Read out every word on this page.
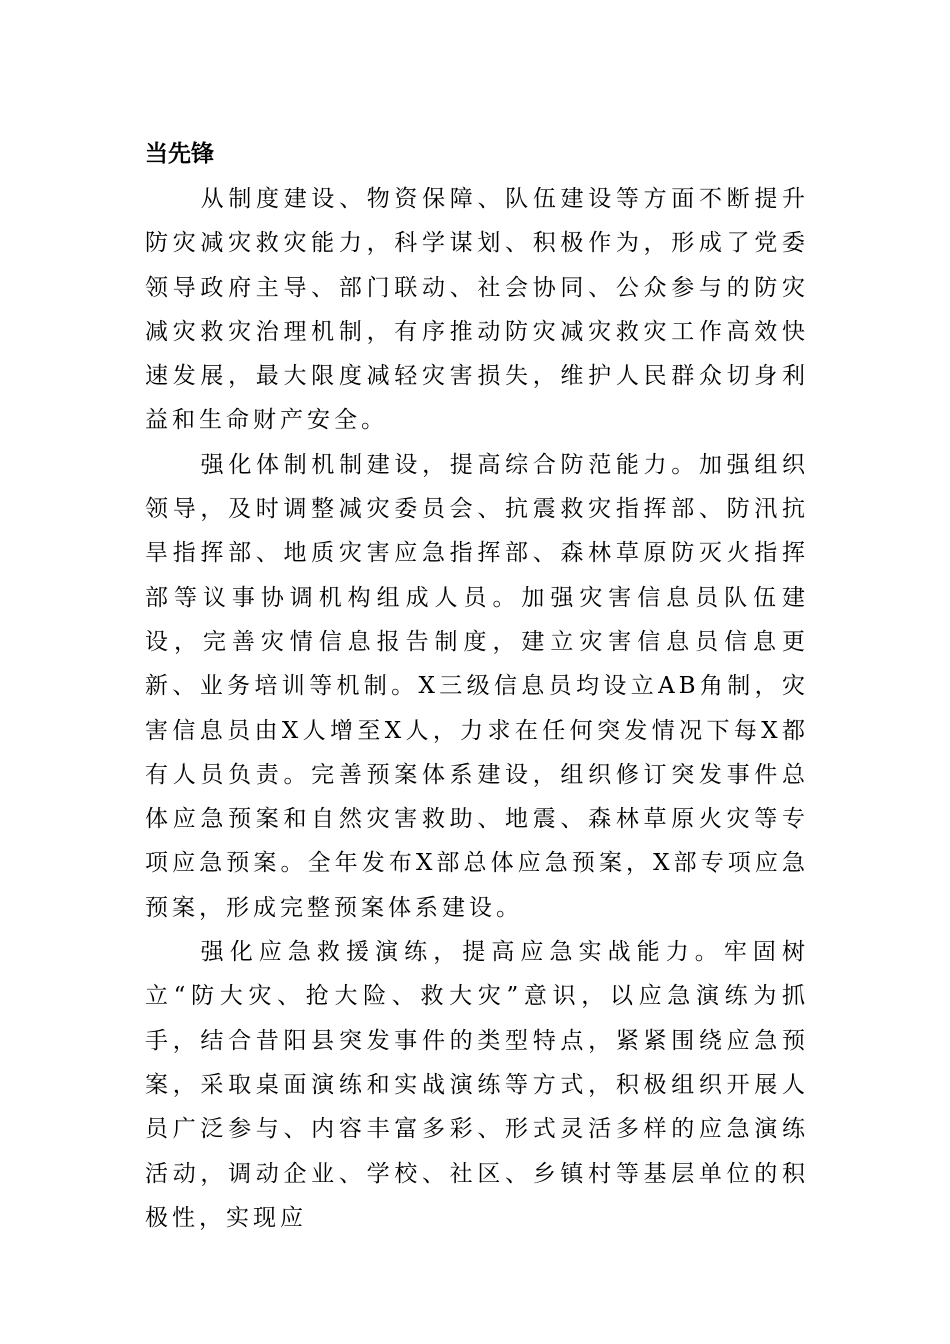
当先锋

从制度建设、物资保障、队伍建设等方面不断提升防灾减灾救灾能力，科学谋划、积极作为，形成了党委领导政府主导、部门联动、社会协同、公众参与的防灾减灾救灾治理机制，有序推动防灾减灾救灾工作高效快速发展，最大限度减轻灾害损失，维护人民群众切身利益和生命财产安全。

强化体制机制建设，提高综合防范能力。加强组织领导，及时调整减灾委员会、抗震救灾指挥部、防汛抗旱指挥部、地质灾害应急指挥部、森林草原防灭火指挥部等议事协调机构组成人员。加强灾害信息员队伍建设，完善灾情信息报告制度，建立灾害信息员信息更新、业务培训等机制。X三级信息员均设立AB角制，灾害信息员由X人增至X人，力求在任何突发情况下每X都有人员负责。完善预案体系建设，组织修订突发事件总体应急预案和自然灾害救助、地震、森林草原火灾等专项应急预案。全年发布X部总体应急预案，X部专项应急预案，形成完整预案体系建设。

强化应急救援演练，提高应急实战能力。牢固树立“防大灾、抢大险、救大灾”意识，以应急演练为抓手，结合昔阳县突发事件的类型特点，紧紧围绕应急预案，采取桌面演练和实战演练等方式，积极组织开展人员广泛参与、内容丰富多彩、形式灵活多样的应急演练活动，调动企业、学校、社区、乡镇村等基层单位的积极性，实现应
